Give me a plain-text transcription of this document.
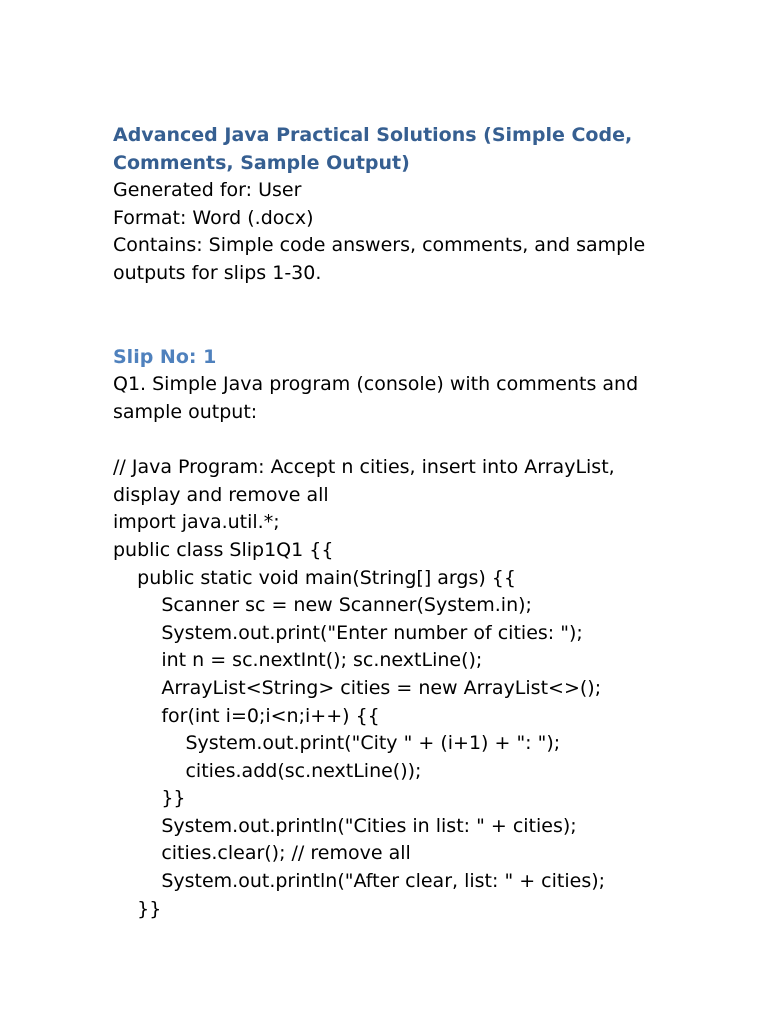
Advanced Java Practical Solutions (Simple Code, Comments, Sample Output)

Generated for: User

Format: Word (.docx)

Contains: Simple code answers, comments, and sample outputs for slips 1-30.

Slip No: 1

Q1. Simple Java program (console) with comments and sample output:

// Java Program: Accept n cities, insert into ArrayList, display and remove all

import java.util.*;

public class Slip1Q1 {{

public static void main(String[] args) {{

Scanner sc = new Scanner(System.in);

System.out.print("Enter number of cities: ");

int n = sc.nextInt(); sc.nextLine();

ArrayList<String> cities = new ArrayList<>();

for(int i=0;i<n;i++) {{

System.out.print("City " + (i+1) + ": ");

cities.add(sc.nextLine());

}}

System.out.println("Cities in list: " + cities);

cities.clear(); // remove all

System.out.println("After clear, list: " + cities);

}}
